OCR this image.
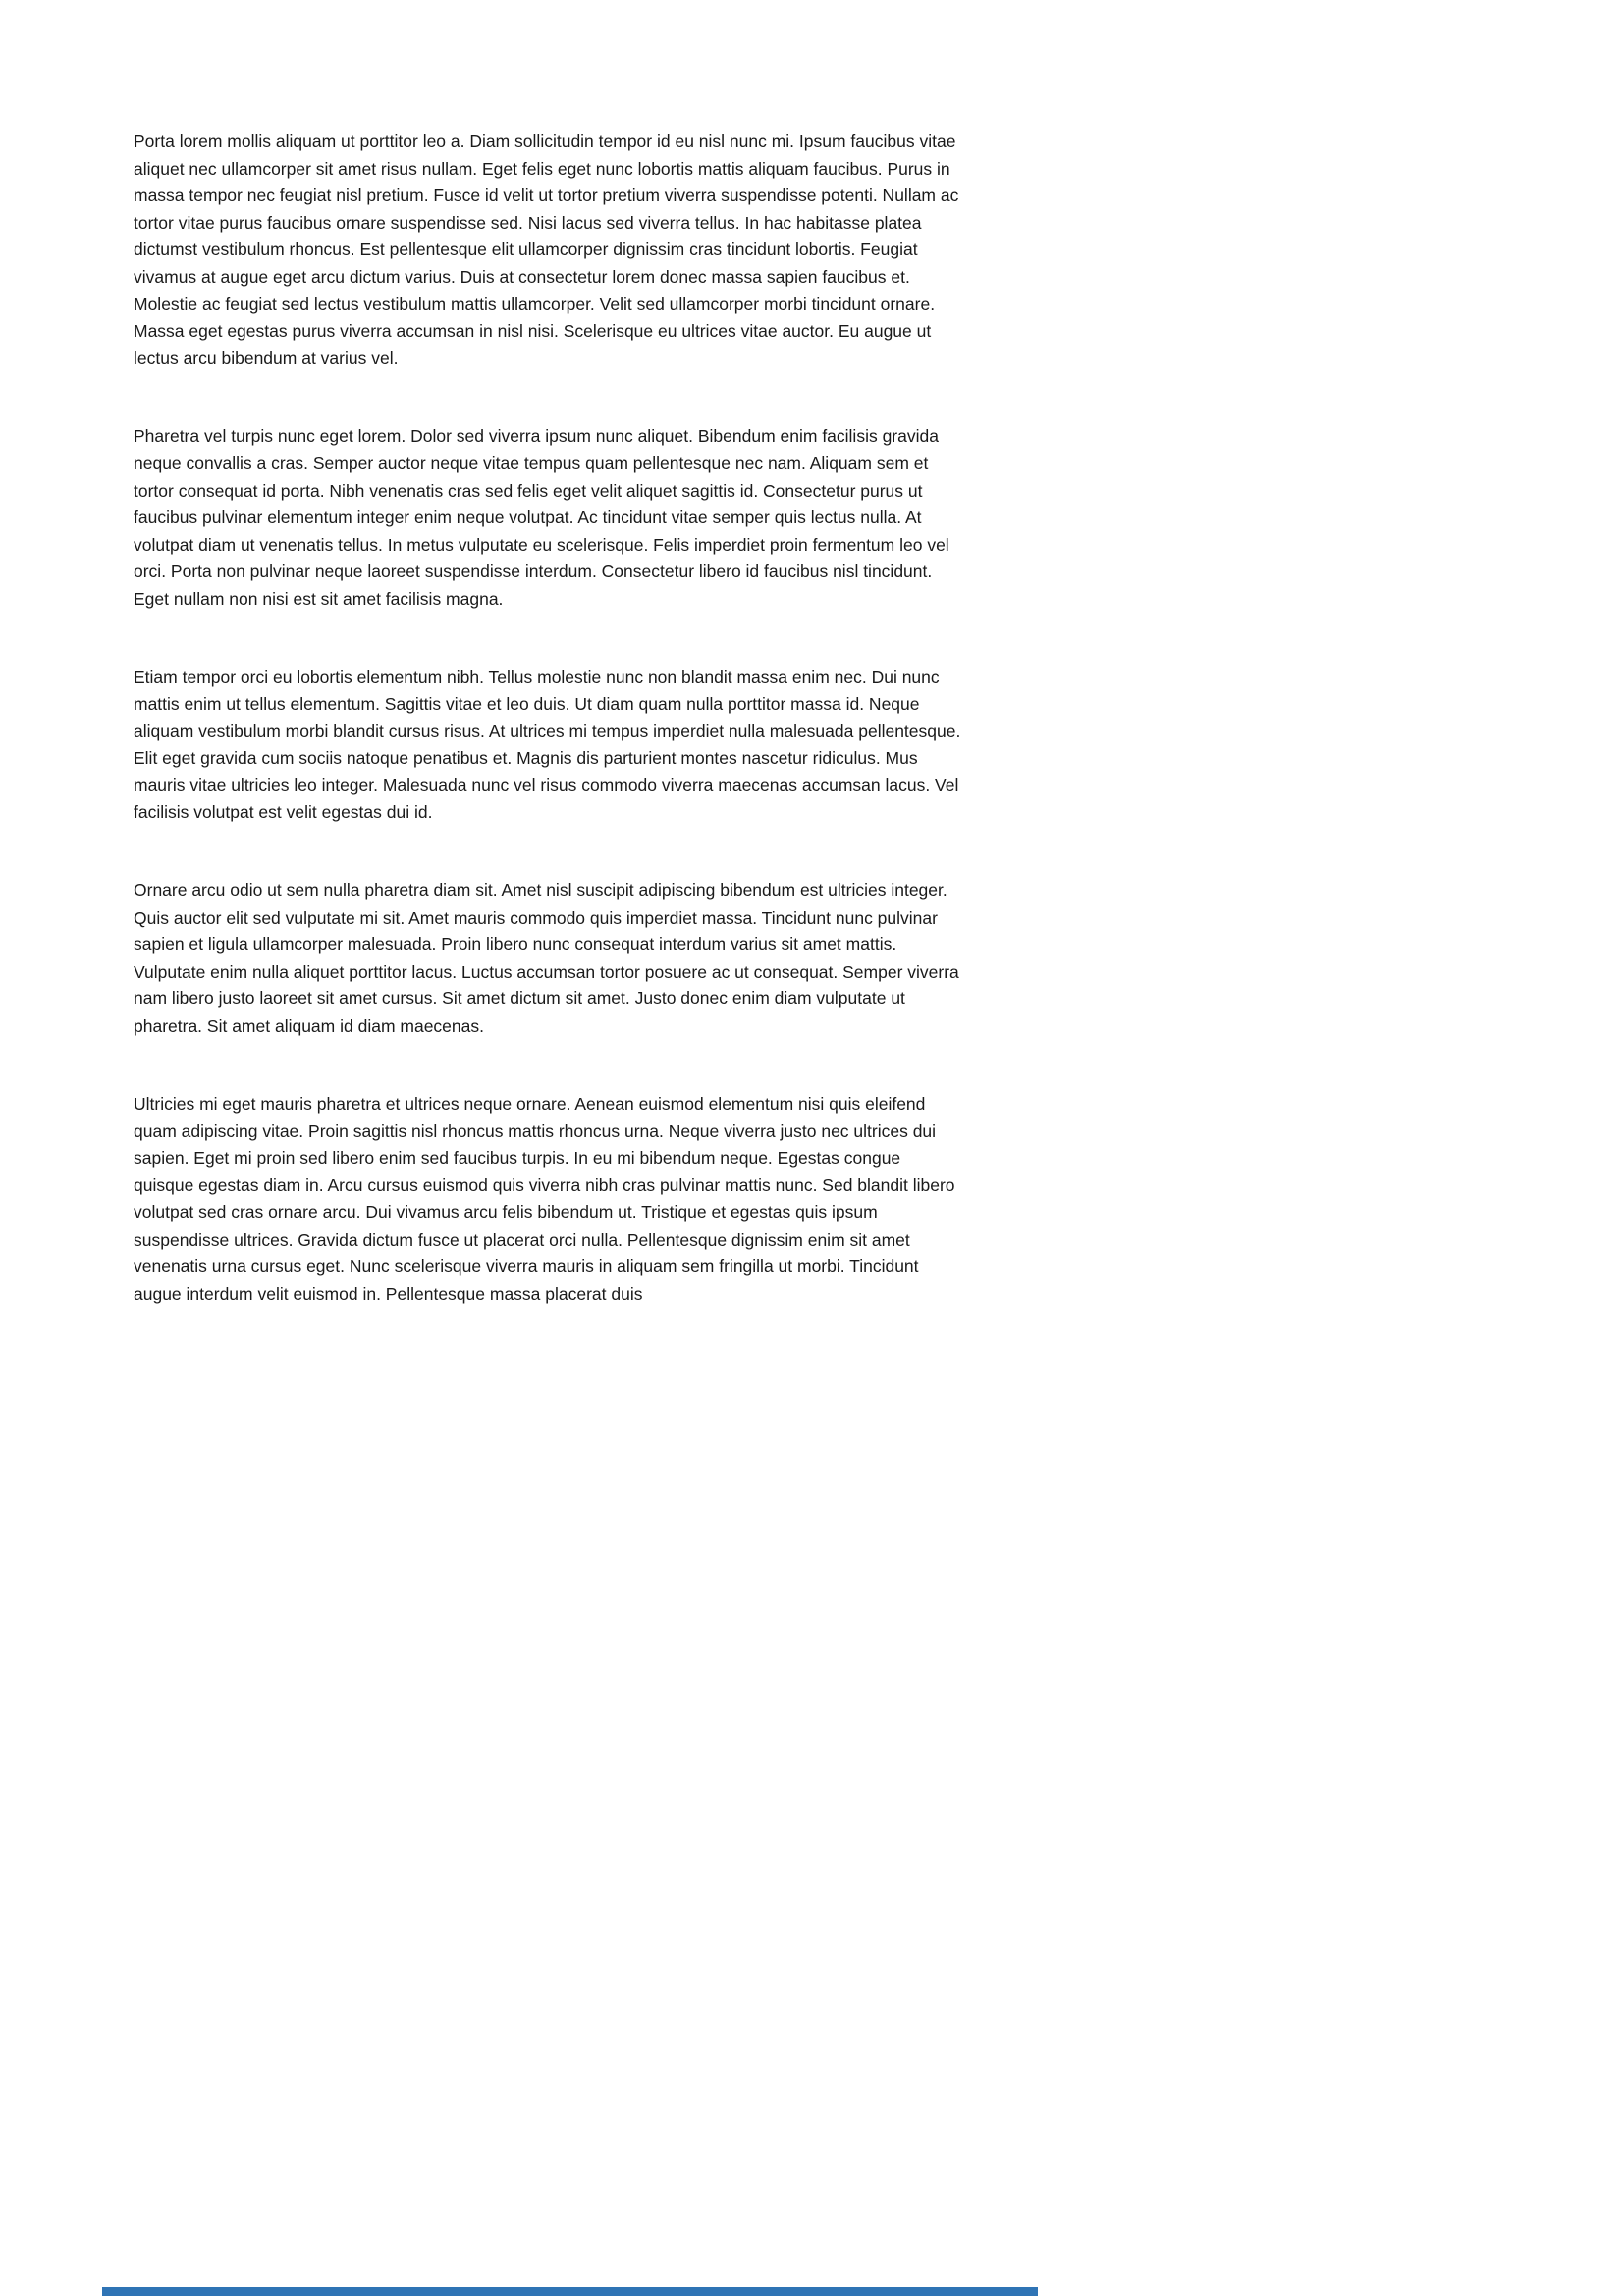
Porta lorem mollis aliquam ut porttitor leo a. Diam sollicitudin tempor id eu nisl nunc mi. Ipsum faucibus vitae aliquet nec ullamcorper sit amet risus nullam. Eget felis eget nunc lobortis mattis aliquam faucibus. Purus in massa tempor nec feugiat nisl pretium. Fusce id velit ut tortor pretium viverra suspendisse potenti. Nullam ac tortor vitae purus faucibus ornare suspendisse sed. Nisi lacus sed viverra tellus. In hac habitasse platea dictumst vestibulum rhoncus. Est pellentesque elit ullamcorper dignissim cras tincidunt lobortis. Feugiat vivamus at augue eget arcu dictum varius. Duis at consectetur lorem donec massa sapien faucibus et. Molestie ac feugiat sed lectus vestibulum mattis ullamcorper. Velit sed ullamcorper morbi tincidunt ornare. Massa eget egestas purus viverra accumsan in nisl nisi. Scelerisque eu ultrices vitae auctor. Eu augue ut lectus arcu bibendum at varius vel.

Pharetra vel turpis nunc eget lorem. Dolor sed viverra ipsum nunc aliquet. Bibendum enim facilisis gravida neque convallis a cras. Semper auctor neque vitae tempus quam pellentesque nec nam. Aliquam sem et tortor consequat id porta. Nibh venenatis cras sed felis eget velit aliquet sagittis id. Consectetur purus ut faucibus pulvinar elementum integer enim neque volutpat. Ac tincidunt vitae semper quis lectus nulla. At volutpat diam ut venenatis tellus. In metus vulputate eu scelerisque. Felis imperdiet proin fermentum leo vel orci. Porta non pulvinar neque laoreet suspendisse interdum. Consectetur libero id faucibus nisl tincidunt. Eget nullam non nisi est sit amet facilisis magna.

Etiam tempor orci eu lobortis elementum nibh. Tellus molestie nunc non blandit massa enim nec. Dui nunc mattis enim ut tellus elementum. Sagittis vitae et leo duis. Ut diam quam nulla porttitor massa id. Neque aliquam vestibulum morbi blandit cursus risus. At ultrices mi tempus imperdiet nulla malesuada pellentesque. Elit eget gravida cum sociis natoque penatibus et. Magnis dis parturient montes nascetur ridiculus. Mus mauris vitae ultricies leo integer. Malesuada nunc vel risus commodo viverra maecenas accumsan lacus. Vel facilisis volutpat est velit egestas dui id.

Ornare arcu odio ut sem nulla pharetra diam sit. Amet nisl suscipit adipiscing bibendum est ultricies integer. Quis auctor elit sed vulputate mi sit. Amet mauris commodo quis imperdiet massa. Tincidunt nunc pulvinar sapien et ligula ullamcorper malesuada. Proin libero nunc consequat interdum varius sit amet mattis. Vulputate enim nulla aliquet porttitor lacus. Luctus accumsan tortor posuere ac ut consequat. Semper viverra nam libero justo laoreet sit amet cursus. Sit amet dictum sit amet. Justo donec enim diam vulputate ut pharetra. Sit amet aliquam id diam maecenas.

Ultricies mi eget mauris pharetra et ultrices neque ornare. Aenean euismod elementum nisi quis eleifend quam adipiscing vitae. Proin sagittis nisl rhoncus mattis rhoncus urna. Neque viverra justo nec ultrices dui sapien. Eget mi proin sed libero enim sed faucibus turpis. In eu mi bibendum neque. Egestas congue quisque egestas diam in. Arcu cursus euismod quis viverra nibh cras pulvinar mattis nunc. Sed blandit libero volutpat sed cras ornare arcu. Dui vivamus arcu felis bibendum ut. Tristique et egestas quis ipsum suspendisse ultrices. Gravida dictum fusce ut placerat orci nulla. Pellentesque dignissim enim sit amet venenatis urna cursus eget. Nunc scelerisque viverra mauris in aliquam sem fringilla ut morbi. Tincidunt augue interdum velit euismod in. Pellentesque massa placerat duis
